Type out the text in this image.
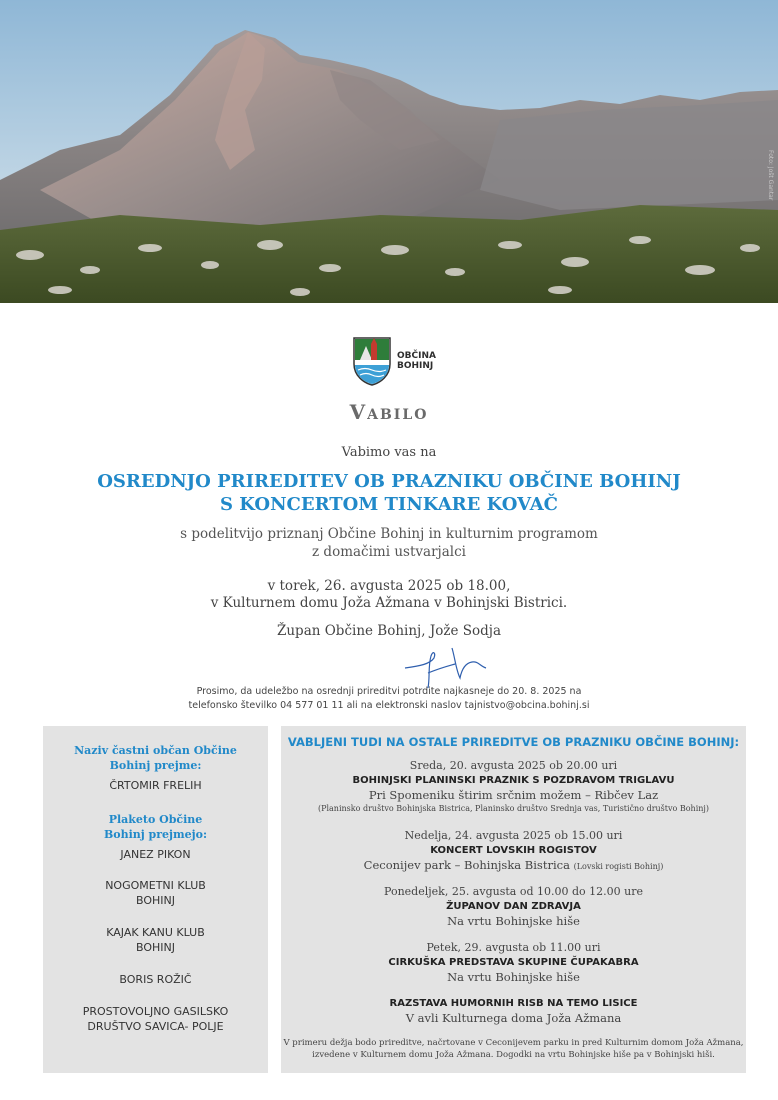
Foto: Jošt Gantar
OBČINA
BOHINJ
Vabilo
Vabimo vas na
OSREDNJO PRIREDITEV OB PRAZNIKU OBČINE BOHINJ
S KONCERTOM TINKARE KOVAČ
s podelitvijo priznanj Občine Bohinj in kulturnim programom
z domačimi ustvarjalci
v torek, 26. avgusta 2025 ob 18.00,
v Kulturnem domu Joža Ažmana v Bohinjski Bistrici.
Župan Občine Bohinj, Jože Sodja
Prosimo, da udeležbo na osrednji prireditvi potrdite najkasneje do 20. 8. 2025 na
telefonsko številko 04 577 01 11 ali na elektronski naslov tajnistvo@obcina.bohinj.si
Naziv častni občan Občine
Bohinj prejme:
ČRTOMIR FRELIH
Plaketo Občine
Bohinj prejmejo:
JANEZ PIKON
NOGOMETNI KLUB
BOHINJ
KAJAK KANU KLUB
BOHINJ
BORIS ROŽIČ
PROSTOVOLJNO GASILSKO
DRUŠTVO SAVICA- POLJE
VABLJENI TUDI NA OSTALE PRIREDITVE OB PRAZNIKU OBČINE BOHINJ:
Sreda, 20. avgusta 2025 ob 20.00 uri
BOHINJSKI PLANINSKI PRAZNIK S POZDRAVOM TRIGLAVU
Pri Spomeniku štirim srčnim možem – Ribčev Laz
(Planinsko društvo Bohinjska Bistrica, Planinsko društvo Srednja vas, Turistično društvo Bohinj)
Nedelja, 24. avgusta 2025 ob 15.00 uri
KONCERT LOVSKIH ROGISTOV
Ceconijev park – Bohinjska Bistrica (Lovski rogisti Bohinj)
Ponedeljek, 25. avgusta od 10.00 do 12.00 ure
ŽUPANOV DAN ZDRAVJA
Na vrtu Bohinjske hiše
Petek, 29. avgusta ob 11.00 uri
CIRKUŠKA PREDSTAVA SKUPINE ČUPAKABRA
Na vrtu Bohinjske hiše
RAZSTAVA HUMORNIH RISB NA TEMO LISICE
V avli Kulturnega doma Joža Ažmana
V primeru dežja bodo prireditve, načrtovane v Ceconijevem parku in pred Kulturnim domom Joža Ažmana,
izvedene v Kulturnem domu Joža Ažmana. Dogodki na vrtu Bohinjske hiše pa v Bohinjski hiši.
